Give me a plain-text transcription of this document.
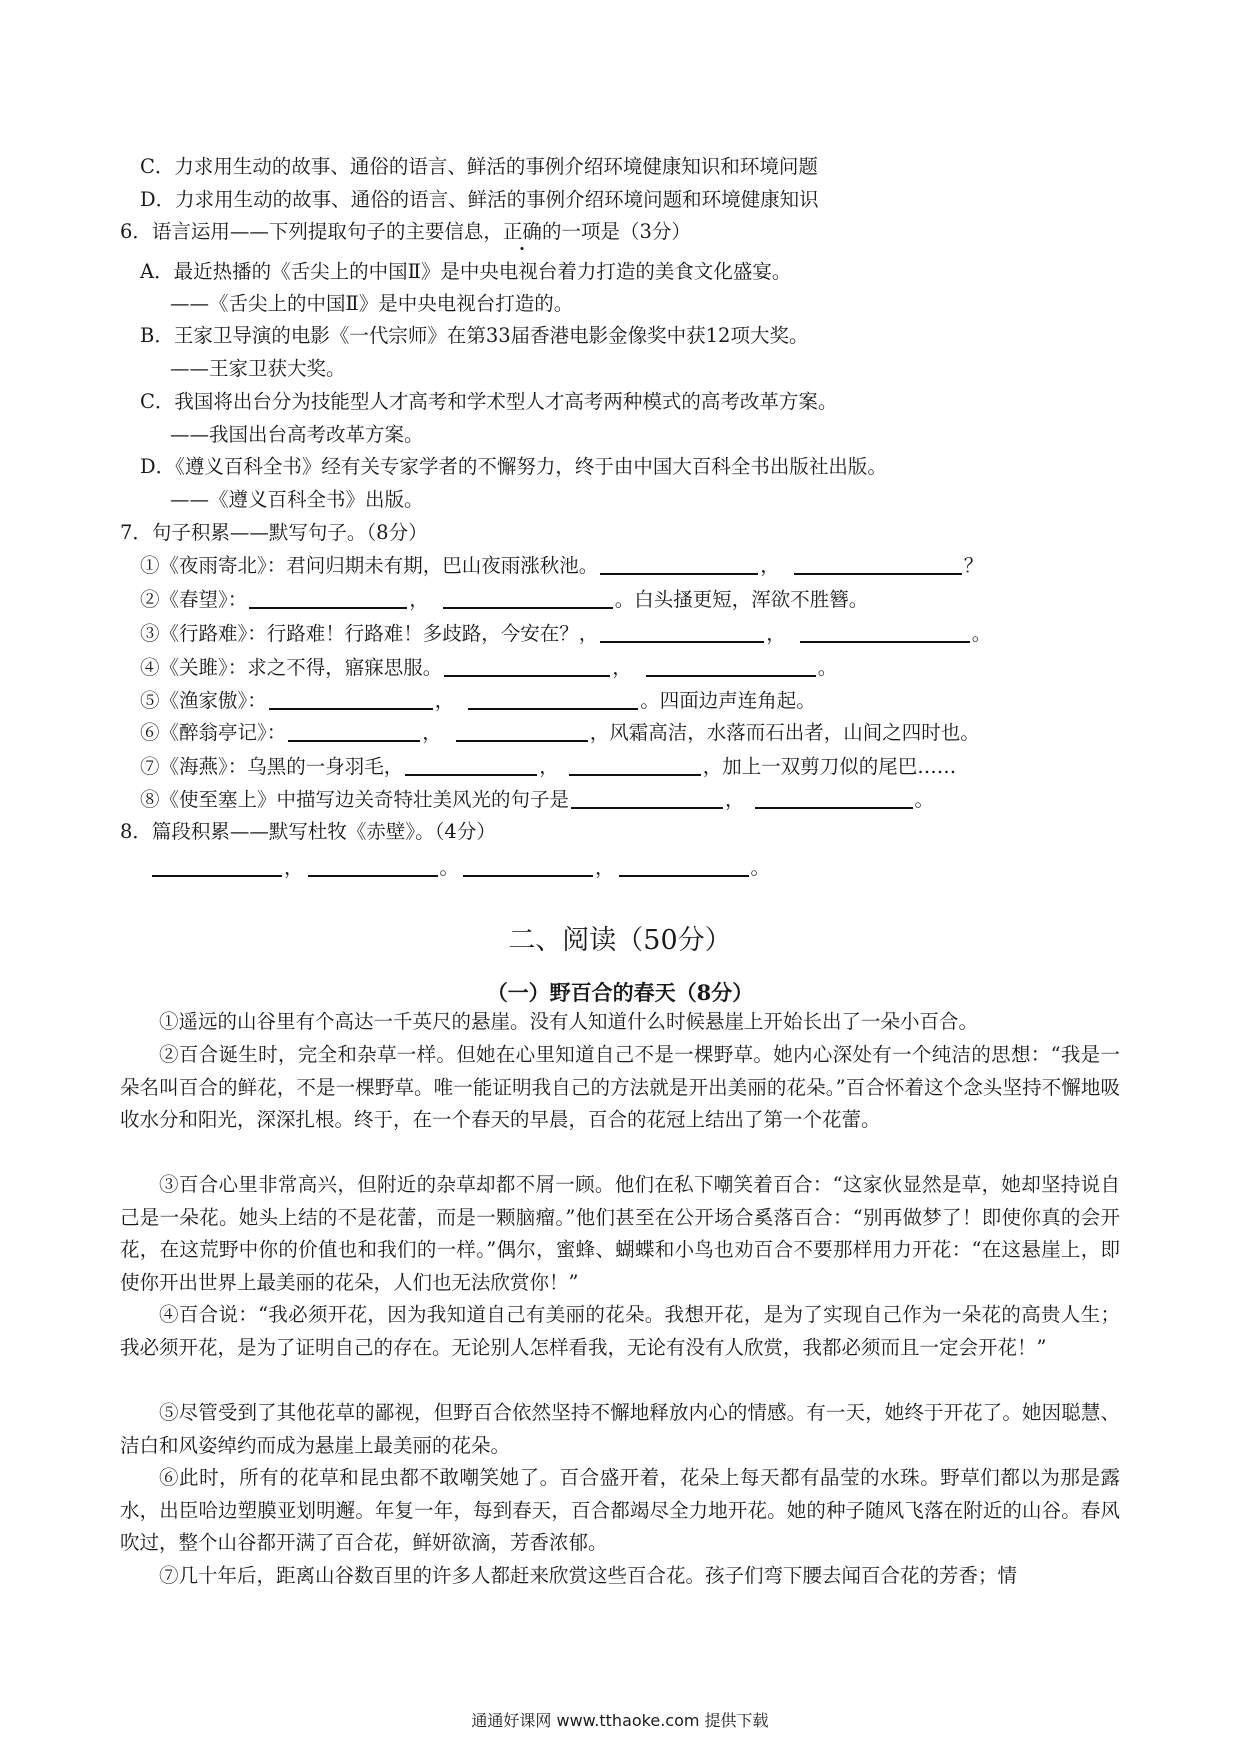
C．力求用生动的故事、通俗的语言、鲜活的事例介绍环境健康知识和环境问题
D．力求用生动的故事、通俗的语言、鲜活的事例介绍环境问题和环境健康知识
6．语言运用——下列提取句子的主要信息，正确的一项是（3分）
A．最近热播的《舌尖上的中国Ⅱ》是中央电视台着力打造的美食文化盛宴。
——《舌尖上的中国Ⅱ》是中央电视台打造的。
B．王家卫导演的电影《一代宗师》在第33届香港电影金像奖中获12项大奖。
——王家卫获大奖。
C．我国将出台分为技能型人才高考和学术型人才高考两种模式的高考改革方案。
——我国出台高考改革方案。
D．《遵义百科全书》经有关专家学者的不懈努力，终于由中国大百科全书出版社出版。
——《遵义百科全书》出版。
7．句子积累——默写句子。（8分）
①《夜雨寄北》：君问归期未有期，巴山夜雨涨秋池。	，	？
②《春望》：	，	。白头搔更短，浑欲不胜簪。
③《行路难》：行路难！行路难！多歧路，今安在？，	，	。
④《关雎》：求之不得，寤寐思服。	，	。
⑤《渔家傲》：	，	。四面边声连角起。
⑥《醉翁亭记》：	，	，风霜高洁，水落而石出者，山间之四时也。
⑦《海燕》：乌黑的一身羽毛，	，	，加上一双剪刀似的尾巴……
⑧《使至塞上》中描写边关奇特壮美风光的句子是	，	。
8．篇段积累——默写杜牧《赤壁》。（4分）
，	。	，	。
二、阅读（50分）
（一）野百合的春天（8分）

①遥远的山谷里有个高达一千英尺的悬崖。没有人知道什么时候悬崖上开始长出了一朵小百合。

②百合诞生时，完全和杂草一样。但她在心里知道自己不是一棵野草。她内心深处有一个纯洁的思想：“我是一朵名叫百合的鲜花，不是一棵野草。唯一能证明我自己的方法就是开出美丽的花朵。”百合怀着这个念头坚持不懈地吸收水分和阳光，深深扎根。终于，在一个春天的早晨，百合的花冠上结出了第一个花蕾。

③百合心里非常高兴，但附近的杂草却都不屑一顾。他们在私下嘲笑着百合：“这家伙显然是草，她却坚持说自己是一朵花。她头上结的不是花蕾，而是一颗脑瘤。”他们甚至在公开场合奚落百合：“别再做梦了！即使你真的会开花，在这荒野中你的价值也和我们的一样。”偶尔，蜜蜂、蝴蝶和小鸟也劝百合不要那样用力开花：“在这悬崖上，即使你开出世界上最美丽的花朵，人们也无法欣赏你！”

④百合说：“我必须开花，因为我知道自己有美丽的花朵。我想开花，是为了实现自己作为一朵花的高贵人生；我必须开花，是为了证明自己的存在。无论别人怎样看我，无论有没有人欣赏，我都必须而且一定会开花！”

⑤尽管受到了其他花草的鄙视，但野百合依然坚持不懈地释放内心的情感。有一天，她终于开花了。她因聪慧、洁白和风姿绰约而成为悬崖上最美丽的花朵。

⑥此时，所有的花草和昆虫都不敢嘲笑她了。百合盛开着，花朵上每天都有晶莹的水珠。野草们都以为那是露水，出臣哈边塑膜亚划明邂。年复一年，每到春天，百合都竭尽全力地开花。她的种子随风飞落在附近的山谷。春风吹过，整个山谷都开满了百合花，鲜妍欲滴，芳香浓郁。

⑦几十年后，距离山谷数百里的许多人都赶来欣赏这些百合花。孩子们弯下腰去闻百合花的芳香；情

通通好课网 www.tthaoke.com 提供下载
